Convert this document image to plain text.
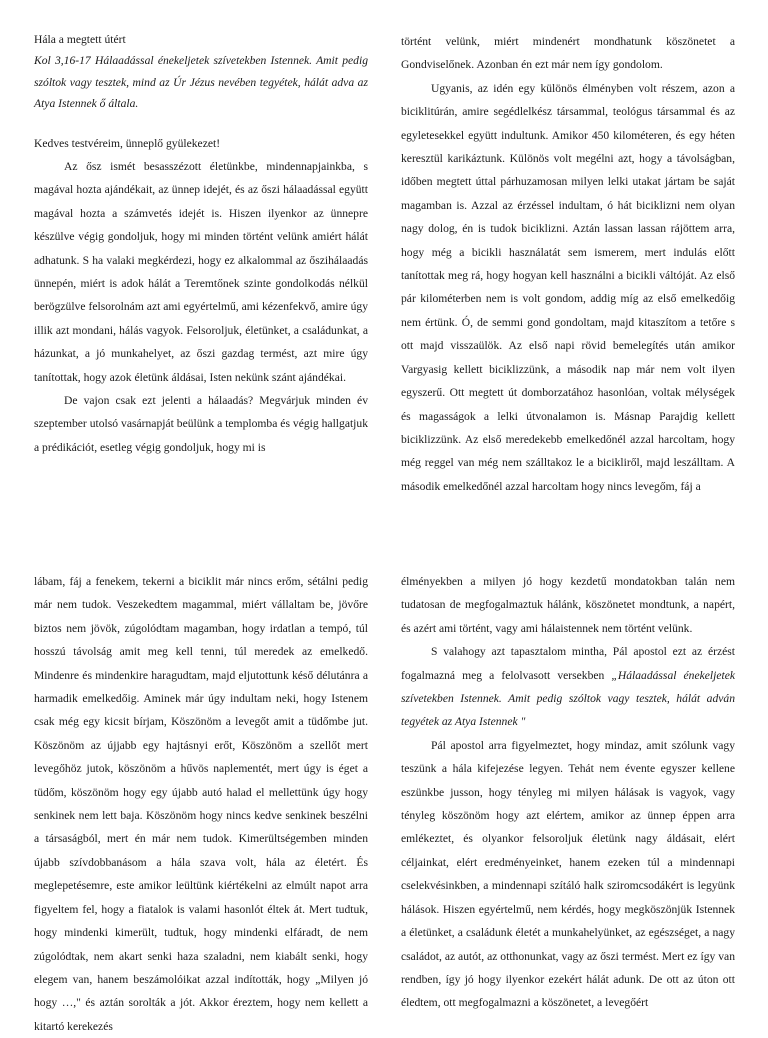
Hála a megtett útért

Kol 3,16-17 Hálaadással énekeljetek szívetekben Istennek. Amit pedig szóltok vagy tesztek, mind az Úr Jézus nevében tegyétek, hálát adva az Atya Istennek ő általa.

Kedves testvéreim, ünneplő gyülekezet!

Az ősz ismét besasszézott életünkbe, mindennapjainkba, s magával hozta ajándékait, az ünnep idejét, és az őszi hálaadással együtt magával hozta a számvetés idejét is. Hiszen ilyenkor az ünnepre készülve végig gondoljuk, hogy mi minden történt velünk amiért hálát adhatunk. S ha valaki megkérdezi, hogy ez alkalommal az őszihálaadás ünnepén, miért is adok hálát a Teremtőnek szinte gondolkodás nélkül berögzülve felsorolnám azt ami egyértelmű, ami kézenfekvő, amire úgy illik azt mondani, hálás vagyok. Felsoroljuk, életünket, a családunkat, a házunkat, a jó munkahelyet, az őszi gazdag termést, azt mire úgy tanítottak, hogy azok életünk áldásai, Isten nekünk szánt ajándékai.

De vajon csak ezt jelenti a hálaadás? Megvárjuk minden év szeptember utolsó vasárnapját beülünk a templomba és végig hallgatjuk a prédikációt, esetleg végig gondoljuk, hogy mi is

történt velünk, miért mindenért mondhatunk köszönetet a Gondviselőnek. Azonban én ezt már nem így gondolom.

Ugyanis, az idén egy különös élményben volt részem, azon a biciklitúrán, amire segédlelkész társammal, teológus társammal és az egyletesekkel együtt indultunk. Amikor 450 kilométeren, és egy héten keresztül karikáztunk. Különös volt megélni azt, hogy a távolságban, időben megtett úttal párhuzamosan milyen lelki utakat jártam be saját magamban is. Azzal az érzéssel indultam, ó hát biciklizni nem olyan nagy dolog, én is tudok biciklizni. Aztán lassan lassan rájöttem arra, hogy még a bicikli használatát sem ismerem, mert indulás előtt tanítottak meg rá, hogy hogyan kell használni a bicikli váltóját. Az első pár kilométerben nem is volt gondom, addig míg az első emelkedőig nem értünk. Ó, de semmi gond gondoltam, majd kitaszítom a tetőre s ott majd visszaülök. Az első napi rövid bemelegítés után amikor Vargyasig kellett biciklizzünk, a második nap már nem volt ilyen egyszerű. Ott megtett út domborzatához hasonlóan, voltak mélységek és magasságok a lelki útvonalamon is. Másnap Parajdig kellett biciklizzünk. Az első meredekebb emelkedőnél azzal harcoltam, hogy még reggel van még nem szálltakoz le a bicikliről, majd leszálltam. A második emelkedőnél azzal harcoltam hogy nincs levegőm, fáj a

lábam, fáj a fenekem, tekerni a biciklit már nincs erőm, sétálni pedig már nem tudok. Veszekedtem magammal, miért vállaltam be, jövőre biztos nem jövök, zúgolódtam magamban, hogy irdatlan a tempó, túl hosszú távolság amit meg kell tenni, túl meredek az emelkedő. Mindenre és mindenkire haragudtam, majd eljutottunk késő délutánra a harmadik emelkedőig. Aminek már úgy indultam neki, hogy Istenem csak még egy kicsit bírjam, Köszönöm a levegőt amit a tüdőmbe jut. Köszönöm az újjabb egy hajtásnyi erőt, Köszönöm a szellőt mert levegőhöz jutok, köszönöm a hűvös naplementét, mert úgy is éget a tüdőm, köszönöm hogy egy újabb autó halad el mellettünk úgy hogy senkinek nem lett baja. Köszönöm hogy nincs kedve senkinek beszélni a társaságból, mert én már nem tudok. Kimerültségemben minden újabb szívdobbanásom a hála szava volt, hála az életért. És meglepetésemre, este amikor leültünk kiértékelni az elmúlt napot arra figyeltem fel, hogy a fiatalok is valami hasonlót éltek át. Mert tudtuk, hogy mindenki kimerült, tudtuk, hogy mindenki elfáradt, de nem zúgolódtak, nem akart senki haza szaladni, nem kiabált senki, hogy elegem van, hanem beszámolóikat azzal indították, hogy „Milyen jó hogy …," és aztán sorolták a jót. Akkor éreztem, hogy nem kellett a kitartó kerekezés

élményekben a milyen jó hogy kezdetű mondatokban talán nem tudatosan de megfogalmaztuk hálánk, köszönetet mondtunk, a napért, és azért ami történt, vagy ami hálaistennek nem történt velünk.

S valahogy azt tapasztalom mintha, Pál apostol ezt az érzést fogalmazná meg a felolvasott versekben „Hálaadással énekeljetek szívetekben Istennek. Amit pedig szóltok vagy tesztek, hálát adván tegyétek az Atya Istennek "

Pál apostol arra figyelmeztet, hogy mindaz, amit szólunk vagy teszünk a hála kifejezése legyen. Tehát nem évente egyszer kellene eszünkbe jusson, hogy tényleg mi milyen hálásak is vagyok, vagy tényleg köszönöm hogy azt elértem, amikor az ünnep éppen arra emlékeztet, és olyankor felsoroljuk életünk nagy áldásait, elért céljainkat, elért eredményeinket, hanem ezeken túl a mindennapi cselekvésinkben, a mindennapi szítáló halk sziromcsodákért is legyünk hálások. Hiszen egyértelmű, nem kérdés, hogy megköszönjük Istennek a életünket, a családunk életét a munkahelyünket, az egészséget, a nagy családot, az autót, az otthonunkat, vagy az őszi termést. Mert ez így van rendben, így jó hogy ilyenkor ezekért hálát adunk. De ott az úton ott éledtem, ott megfogalmazni a köszönetet, a levegőért
